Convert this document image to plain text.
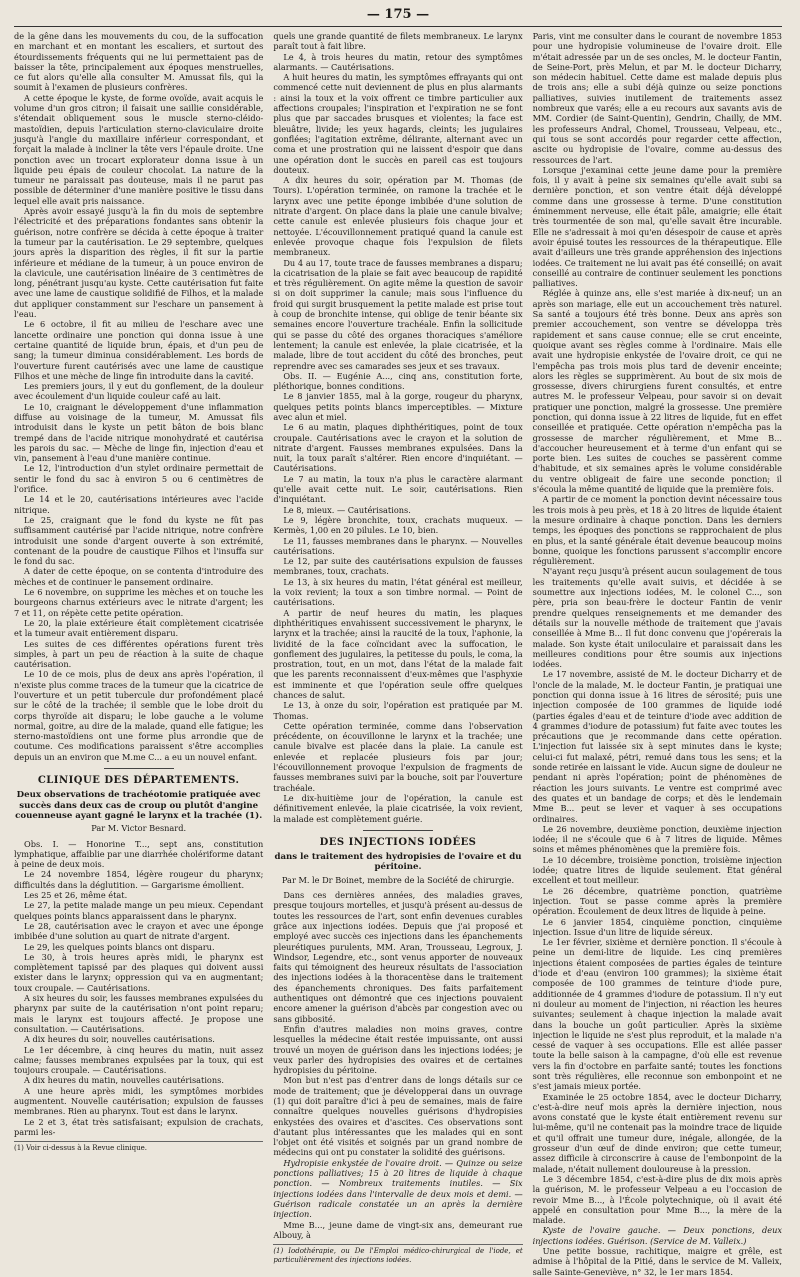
— 175 —

de la gêne dans les mouvements du cou, de la suffocation en marchant et en montant les escaliers, et surtout des étourdissements fréquents qui ne lui permettaient pas de baisser la tête, principalement aux époques menstruelles, ce fut alors qu'elle alla consulter M. Amussat fils, qui la soumit à l'examen de plusieurs confrères.

A cette époque le kyste, de forme ovoïde, avait acquis le volume d'un gros citron; il faisait une saillie considérable, s'étendait obliquement sous le muscle sterno-cléido-mastoïdien, depuis l'articulation sterno-claviculaire droite jusqu'à l'angle du maxillaire inférieur correspondant, et forçait la malade à incliner la tête vers l'épaule droite. Une ponction avec un trocart explorateur donna issue à un liquide peu épais de couleur chocolat. La nature de la tumeur ne paraissait pas douteuse, mais il ne parut pas possible de déterminer d'une manière positive le tissu dans lequel elle avait pris naissance.

Après avoir essayé jusqu'à la fin du mois de septembre l'électricité et des préparations fondantes sans obtenir la guérison, notre confrère se décida à cette époque à traiter la tumeur par la cautérisation. Le 29 septembre, quelques jours après la disparition des règles, il fit sur la partie inférieure et médiane de la tumeur, à un pouce environ de la clavicule, une cautérisation linéaire de 3 centimètres de long, pénétrant jusqu'au kyste. Cette cautérisation fut faite avec une lame de caustique solidifié de Filhos, et la malade dut appliquer constamment sur l'eschare un pansement à l'eau.

Le 6 octobre, il fit au milieu de l'eschare avec une lancette ordinaire une ponction qui donna issue à une certaine quantité de liquide brun, épais, et d'un peu de sang; la tumeur diminua considérablement. Les bords de l'ouverture furent cautérisés avec une lame de caustique Filhos et une mèche de linge fin introduite dans la cavité.

Les premiers jours, il y eut du gonflement, de la douleur avec écoulement d'un liquide couleur café au lait.

Le 10, craignant le développement d'une inflammation diffuse au voisinage de la tumeur, M. Amussat fils introduisit dans le kyste un petit bâton de bois blanc trempé dans de l'acide nitrique monohydraté et cautérisa les parois du sac. — Mèche de linge fin, injection d'eau et vin, pansement à l'eau d'une manière continue.

Le 12, l'introduction d'un stylet ordinaire permettait de sentir le fond du sac à environ 5 ou 6 centimètres de l'orifice.

Le 14 et le 20, cautérisations intérieures avec l'acide nitrique.

Le 25, craignant que le fond du kyste ne fût pas suffisamment cautérisé par l'acide nitrique, notre confrère introduisit une sonde d'argent ouverte à son extrémité, contenant de la poudre de caustique Filhos et l'insuffa sur le fond du sac.

A dater de cette époque, on se contenta d'introduire des mèches et de continuer le pansement ordinaire.

Le 6 novembre, on supprime les mèches et on touche les bourgeons charnus extérieurs avec le nitrate d'argent; les 7 et 11, on répète cette petite opération.

Le 20, la plaie extérieure était complètement cicatrisée et la tumeur avait entièrement disparu.

Les suites de ces différentes opérations furent très simples, à part un peu de réaction à la suite de chaque cautérisation.

Le 10 de ce mois, plus de deux ans après l'opération, il n'existe plus comme traces de la tumeur que la cicatrice de l'ouverture et un petit tubercule dur profondément placé sur le côté de la trachée; il semble que le lobe droit du corps thyroïde ait disparu; le lobe gauche a le volume normal, goitre, au dire de la malade, quand elle fatigue; les sterno-mastoïdiens ont une forme plus arrondie que de coutume. Ces modifications paraissent s'être accomplies depuis un an environ que M.me C... a eu un nouvel enfant.

CLINIQUE DES DÉPARTEMENTS.
Deux observations de trachéotomie pratiquée avec succès dans deux cas de croup ou plutôt d'angine couenneuse ayant gagné le larynx et la trachée (1).
Par M. Victor Besnard.

Obs. I. — Honorine T..., sept ans, constitution lymphatique, affaiblie par une diarrhée cholériforme datant à peine de deux mois.

Le 24 novembre 1854, légère rougeur du pharynx; difficultés dans la déglutition. — Gargarisme émollient.

Les 25 et 26, même état.

Le 27, la petite malade mange un peu mieux. Cependant quelques points blancs apparaissent dans le pharynx.

Le 28, cautérisation avec le crayon et avec une éponge imbibée d'une solution au quart de nitrate d'argent.

Le 29, les quelques points blancs ont disparu.

Le 30, à trois heures après midi, le pharynx est complètement tapissé par des plaques qui doivent aussi exister dans le larynx; oppression qui va en augmentant; toux croupale. — Cautérisations.

A six heures du soir, les fausses membranes expulsées du pharynx par suite de la cautérisation n'ont point reparu; mais le larynx est toujours affecté. Je propose une consultation. — Cautérisations.

A dix heures du soir, nouvelles cautérisations.

Le 1er décembre, à cinq heures du matin, nuit assez calme; fausses membranes expulsées par la toux, qui est toujours croupale. — Cautérisations.

A dix heures du matin, nouvelles cautérisations.

A une heure après midi, les symptômes morbides augmentent. Nouvelle cautérisation; expulsion de fausses membranes. Rien au pharynx. Tout est dans le larynx.

Le 2 et 3, état très satisfaisant; expulsion de crachats, parmi les-

(1) Voir ci-dessus à la Revue clinique.

quels une grande quantité de filets membraneux. Le larynx paraît tout à fait libre.

Le 4, à trois heures du matin, retour des symptômes alarmants. — Cautérisations.

A huit heures du matin, les symptômes effrayants qui ont commencé cette nuit deviennent de plus en plus alarmants : ainsi la toux et la voix offrent ce timbre particulier aux affections croupales; l'inspiration et l'expiration ne se font plus que par saccades brusques et violentes; la face est bleuâtre, livide; les yeux hagards, cleints; les jugulaires gonflées; l'agitation extrême, délirante, alternant avec un coma et une prostration qui ne laissent d'espoir que dans une opération dont le succès en pareil cas est toujours douteux.

A dix heures du soir, opération par M. Thomas (de Tours). L'opération terminée, on ramone la trachée et le larynx avec une petite éponge imbibée d'une solution de nitrate d'argent. On place dans la plaie une canule bivalve; cette canule est enlevée plusieurs fois chaque jour et nettoyée. L'écouvillonnement pratiqué quand la canule est enlevée provoque chaque fois l'expulsion de filets membraneux.

Du 4 au 17, toute trace de fausses membranes a disparu; la cicatrisation de la plaie se fait avec beaucoup de rapidité et très régulièrement. On agite même la question de savoir si on doit supprimer la canule; mais sous l'influence du froid qui surgit brusquement la petite malade est prise tout à coup de bronchite intense, qui oblige de tenir béante six semaines encore l'ouverture trachéale. Enfin la sollicitude qui se passe du côté des organes thoraciques s'améliore lentement; la canule est enlevée, la plaie cicatrisée, et la malade, libre de tout accident du côté des bronches, peut reprendre avec ses camarades ses jeux et ses travaux.

Obs. II. — Eugénie A..., cinq ans, constitution forte, pléthorique, bonnes conditions.

Le 8 janvier 1855, mal à la gorge, rougeur du pharynx, quelques petits points blancs imperceptibles. — Mixture avec alun et miel.

Le 6 au matin, plaques diphthéritiques, point de toux croupale. Cautérisations avec le crayon et la solution de nitrate d'argent. Fausses membranes expulsées. Dans la nuit, la toux paraît s'altérer. Rien encore d'inquiétant. — Cautérisations.

Le 7 au matin, la toux n'a plus le caractère alarmant qu'elle avait cette nuit. Le soir, cautérisations. Rien d'inquiétant.

Le 8, mieux. — Cautérisations.

Le 9, légère bronchite, toux, crachats muqueux. — Kermès, 1,00 en 20 pilules. Le 10, bien.

Le 11, fausses membranes dans le pharynx. — Nouvelles cautérisations.

Le 12, par suite des cautérisations expulsion de fausses membranes, toux, crachats.

Le 13, à six heures du matin, l'état général est meilleur, la voix revient; la toux a son timbre normal. — Point de cautérisations.

A partir de neuf heures du matin, les plaques diphthéritiques envahissent successivement le pharynx, le larynx et la trachée; ainsi la raucité de la toux, l'aphonie, la lividité de la face coïncidant avec la suffocation, le gonflement des jugulaires, la petitesse du pouls, le coma, la prostration, tout, en un mot, dans l'état de la malade fait que les parents reconnaissent d'eux-mêmes que l'asphyxie est imminente et que l'opération seule offre quelques chances de salut.

Le 13, à onze du soir, l'opération est pratiquée par M. Thomas.

Cette opération terminée, comme dans l'observation précédente, on écouvillonne le larynx et la trachée; une canule bivalve est placée dans la plaie. La canule est enlevée et replacée plusieurs fois par jour; l'écouvillonnement provoque l'expulsion de fragments de fausses membranes suivi par la bouche, soit par l'ouverture trachéale.

Le dix-huitième jour de l'opération, la canule est définitivement enlevée, la plaie cicatrisée, la voix revient, la malade est complètement guérie.

DES INJECTIONS IODÉES
dans le traitement des hydropisies de l'ovaire et du péritoine.
Par M. le Dr Boinet, membre de la Société de chirurgie.

Dans ces dernières années, des maladies graves, presque toujours mortelles, et jusqu'à présent au-dessus de toutes les ressources de l'art, sont enfin devenues curables grâce aux injections iodées. Depuis que j'ai proposé et employé avec succès ces injections dans les épanchements pleurétiques purulents, MM. Aran, Trousseau, Legroux, J. Windsor, Legendre, etc., sont venus apporter de nouveaux faits qui témoignent des heureux résultats de l'association des injections iodées à la thoracentèse dans le traitement des épanchements chroniques. Des faits parfaitement authentiques ont démontré que ces injections pouvaient encore amener la guérison d'abcès par congestion avec ou sans gibbosité.

Enfin d'autres maladies non moins graves, contre lesquelles la médecine était restée impuissante, ont aussi trouvé un moyen de guérison dans les injections iodées; je veux parler des hydropisies des ovaires et de certaines hydropisies du péritoine.

Mon but n'est pas d'entrer dans de longs détails sur ce mode de traitement; que je développerai dans un ouvrage (1) qui doit paraître d'ici à peu de semaines, mais de faire connaître quelques nouvelles guérisons d'hydropisies enkystées des ovaires et d'ascites. Ces observations sont d'autant plus intéressantes que les malades qui en sont l'objet ont été visités et soignés par un grand nombre de médecins qui ont pu constater la solidité des guérisons.

Hydropisie enkystée de l'ovaire droit. — Quinze ou seize ponctions palliatives; 15 à 20 litres de liquide à chaque ponction. — Nombreux traitements inutiles. — Six injections iodées dans l'intervalle de deux mois et demi. — Guérison radicale constatée un an après la dernière injection.

Mme B..., jeune dame de vingt-six ans, demeurant rue Albouy, à

(1) Iodothérapie, ou De l'Emploi médico-chirurgical de l'iode, et particulièrement des injections iodées.

Paris, vint me consulter dans le courant de novembre 1853 pour une hydropisie volumineuse de l'ovaire droit. Elle m'était adressée par un de ses oncles, M. le docteur Fantin, de Seine-Port, près Melun, et par M. le docteur Dicharry, son médecin habituel. Cette dame est malade depuis plus de trois ans; elle a subi déjà quinze ou seize ponctions palliatives, suivies inutilement de traitements assez nombreux que varés; elle a eu recours aux savants avis de MM. Cordier (de Saint-Quentin), Gendrin, Chailly, de MM. les professeurs Andral, Chomel, Trousseau, Velpeau, etc., qui tous se sont accordés pour regarder cette affection, ascite ou hydropisie de l'ovaire, comme au-dessus des ressources de l'art.

Lorsque j'examinai cette jeune dame pour la première fois, il y avait à peine six semaines qu'elle avait subi sa dernière ponction, et son ventre était déjà développé comme dans une grossesse à terme. D'une constitution éminemment nerveuse, elle était pâle, amaigrie; elle était très tourmentée de son mal, qu'elle savait être incurable. Elle ne s'adressait à moi qu'en désespoir de cause et après avoir épuisé toutes les ressources de la thérapeutique. Elle avait d'ailleurs une très grande appréhension des injections iodées. Ce traitement ne lui avait pas été conseillé; on avait conseillé au contraire de continuer seulement les ponctions palliatives.

Réglée à quinze ans, elle s'est mariée à dix-neuf; un an après son mariage, elle eut un accouchement très naturel. Sa santé a toujours été très bonne. Deux ans après son premier accouchement, son ventre se développa très rapidement et sans cause connue; elle se crut enceinte, quoique avant ses règles comme à l'ordinaire. Mais elle avait une hydropisie enkystée de l'ovaire droit, ce qui ne l'empêcha pas trois mois plus tard de devenir enceinte; alors les règles se supprimèrent. Au bout de six mois de grossesse, divers chirurgiens furent consultés, et entre autres M. le professeur Velpeau, pour savoir si on devait pratiquer une ponction, malgré la grossesse. Une première ponction, qui donna issue à 22 litres de liquide, fut en effet conseillée et pratiquée. Cette opération n'empêcha pas la grossesse de marcher régulièrement, et Mme B... d'accoucher heureusement et à terme d'un enfant qui se porte bien. Les suites de couches se passèrent comme d'habitude, et six semaines après le volume considérable du ventre obligeait de faire une seconde ponction; il s'écoula la même quantité de liquide que la première fois.

A partir de ce moment la ponction devint nécessaire tous les trois mois à peu près, et 18 à 20 litres de liquide étaient la mesure ordinaire à chaque ponction. Dans les derniers temps, les époques des ponctions se rapprochaient de plus en plus, et la santé générale était devenue beaucoup moins bonne, quoique les fonctions parussent s'accomplir encore régulièrement.

N'ayant reçu jusqu'à présent aucun soulagement de tous les traitements qu'elle avait suivis, et décidée à se soumettre aux injections iodées, M. le colonel C..., son père, pria son beau-frère le docteur Fantin de venir prendre quelques renseignements et me demander des détails sur la nouvelle méthode de traitement que j'avais conseillée à Mme B... Il fut donc convenu que j'opérerais la malade. Son kyste était uniloculaire et paraissait dans les meilleures conditions pour être soumis aux injections iodées.

Le 17 novembre, assisté de M. le docteur Dicharry et de l'oncle de la malade, M. le docteur Fantin, je pratiquai une ponction qui donna issue à 16 litres de sérosité; puis une injection composée de 100 grammes de liquide iodé (parties égales d'eau et de teinture d'iode avec addition de 4 grammes d'iodure de potassium) fut faite avec toutes les précautions que je recommande dans cette opération. L'injection fut laissée six à sept minutes dans le kyste; celui-ci fut malaxé, pétri, remué dans tous les sens; et la sonde retirée en laissant le vide. Aucun signe de douleur ne pendant ni après l'opération; point de phénomènes de réaction les jours suivants. Le ventre est comprimé avec des quates et un bandage de corps; et dès le lendemain Mme B... peut se lever et vaquer à ses occupations ordinaires.

Le 26 novembre, deuxième ponction, deuxième injection iodée; il ne s'écoule que 6 à 7 litres de liquide. Mêmes soins et mêmes phénomènes que la première fois.

Le 10 décembre, troisième ponction, troisième injection iodée; quatre litres de liquide seulement. État général excellent et tout meilleur.

Le 26 décembre, quatrième ponction, quatrième injection. Tout se passe comme après la première opération. Écoulement de deux litres de liquide à peine.

Le 6 janvier 1854, cinquième ponction, cinquième injection. Issue d'un litre de liquide séreux.

Le 1er février, sixième et dernière ponction. Il s'écoule à peine un demi-litre de liquide. Les cinq premières injections étaient composées de parties égales de teinture d'iode et d'eau (environ 100 grammes); la sixième était composée de 100 grammes de teinture d'iode pure, additionnée de 4 grammes d'iodure de potassium. Il n'y eut ni douleur au moment de l'injection, ni réaction les heures suivantes; seulement à chaque injection la malade avait dans la bouche un goût particulier. Après la sixième injection le liquide ne s'est plus reproduit, et la malade n'a cessé de vaquer à ses occupations. Elle est allée passer toute la belle saison à la campagne, d'où elle est revenue vers la fin d'octobre en parfaite santé; toutes les fonctions sont très régulières, elle reconnue son embonpoint et ne s'est jamais mieux portée.

Examinée le 25 octobre 1854, avec le docteur Dicharry, c'est-à-dire neuf mois après la dernière injection, nous avons constaté que le kyste était entièrement revenu sur lui-même, qu'il ne contenait pas la moindre trace de liquide et qu'il offrait une tumeur dure, inégale, allongée, de la grosseur d'un œuf de dinde environ; que cette tumeur, assez difficile à circonscrire à cause de l'embonpoint de la malade, n'était nullement douloureuse à la pression.

Le 3 décembre 1854, c'est-à-dire plus de dix mois après la guérison, M. le professeur Velpeau a eu l'occasion de revoir Mme B..., à l'École polytechnique, où il avait été appelé en consultation pour Mme B..., la mère de la malade.

Kyste de l'ovaire gauche. — Deux ponctions, deux injections iodées. Guérison. (Service de M. Valleix.)

Une petite bossue, rachitique, maigre et grêle, est admise à l'hôpital de la Pitié, dans le service de M. Valleix, salle Sainte-Geneviève, n° 32, le 1er mars 1854.
